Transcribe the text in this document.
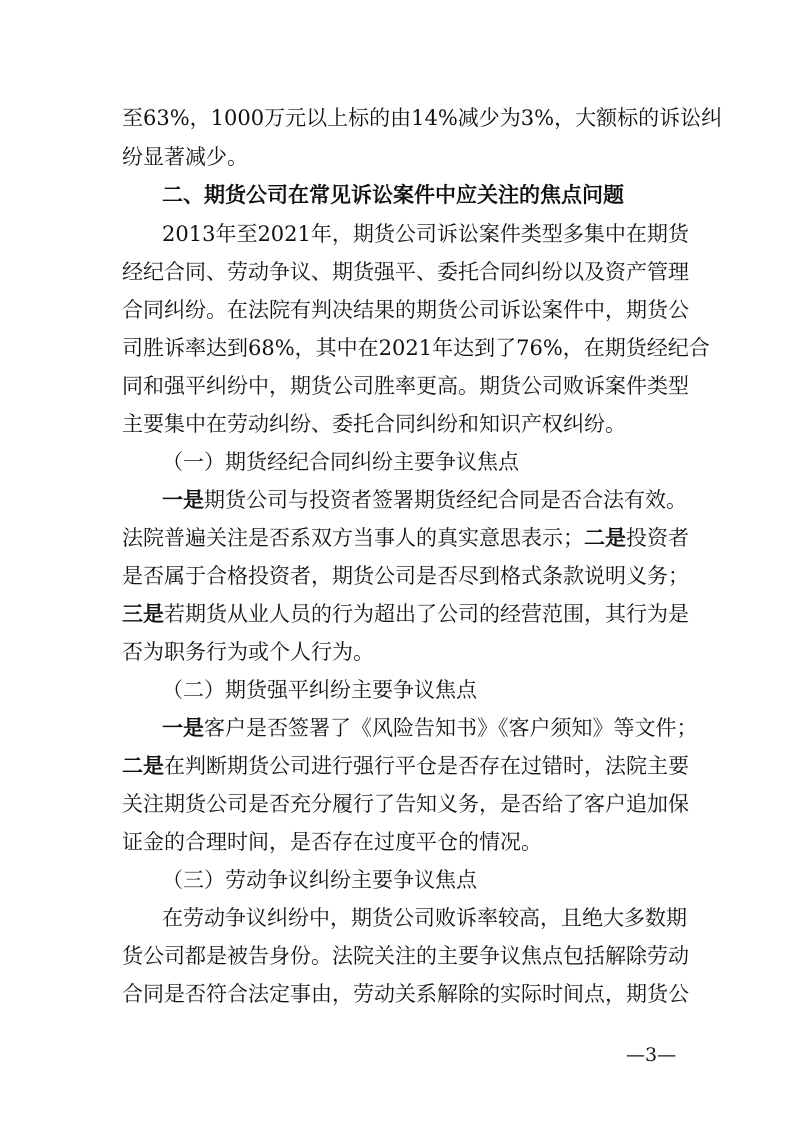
至63%，1000万元以上标的由14%减少为3%，大额标的诉讼纠
纷显著减少。
二、期货公司在常见诉讼案件中应关注的焦点问题
2013年至2021年，期货公司诉讼案件类型多集中在期货
经纪合同、劳动争议、期货强平、委托合同纠纷以及资产管理
合同纠纷。在法院有判决结果的期货公司诉讼案件中，期货公
司胜诉率达到68%，其中在2021年达到了76%，在期货经纪合
同和强平纠纷中，期货公司胜率更高。期货公司败诉案件类型
主要集中在劳动纠纷、委托合同纠纷和知识产权纠纷。
（一）期货经纪合同纠纷主要争议焦点
一是期货公司与投资者签署期货经纪合同是否合法有效。
法院普遍关注是否系双方当事人的真实意思表示；二是投资者
是否属于合格投资者，期货公司是否尽到格式条款说明义务；
三是若期货从业人员的行为超出了公司的经营范围，其行为是
否为职务行为或个人行为。
（二）期货强平纠纷主要争议焦点
一是客户是否签署了《风险告知书》《客户须知》等文件；
二是在判断期货公司进行强行平仓是否存在过错时，法院主要
关注期货公司是否充分履行了告知义务，是否给了客户追加保
证金的合理时间，是否存在过度平仓的情况。
（三）劳动争议纠纷主要争议焦点
在劳动争议纠纷中，期货公司败诉率较高，且绝大多数期
货公司都是被告身份。法院关注的主要争议焦点包括解除劳动
合同是否符合法定事由，劳动关系解除的实际时间点，期货公
—3—
